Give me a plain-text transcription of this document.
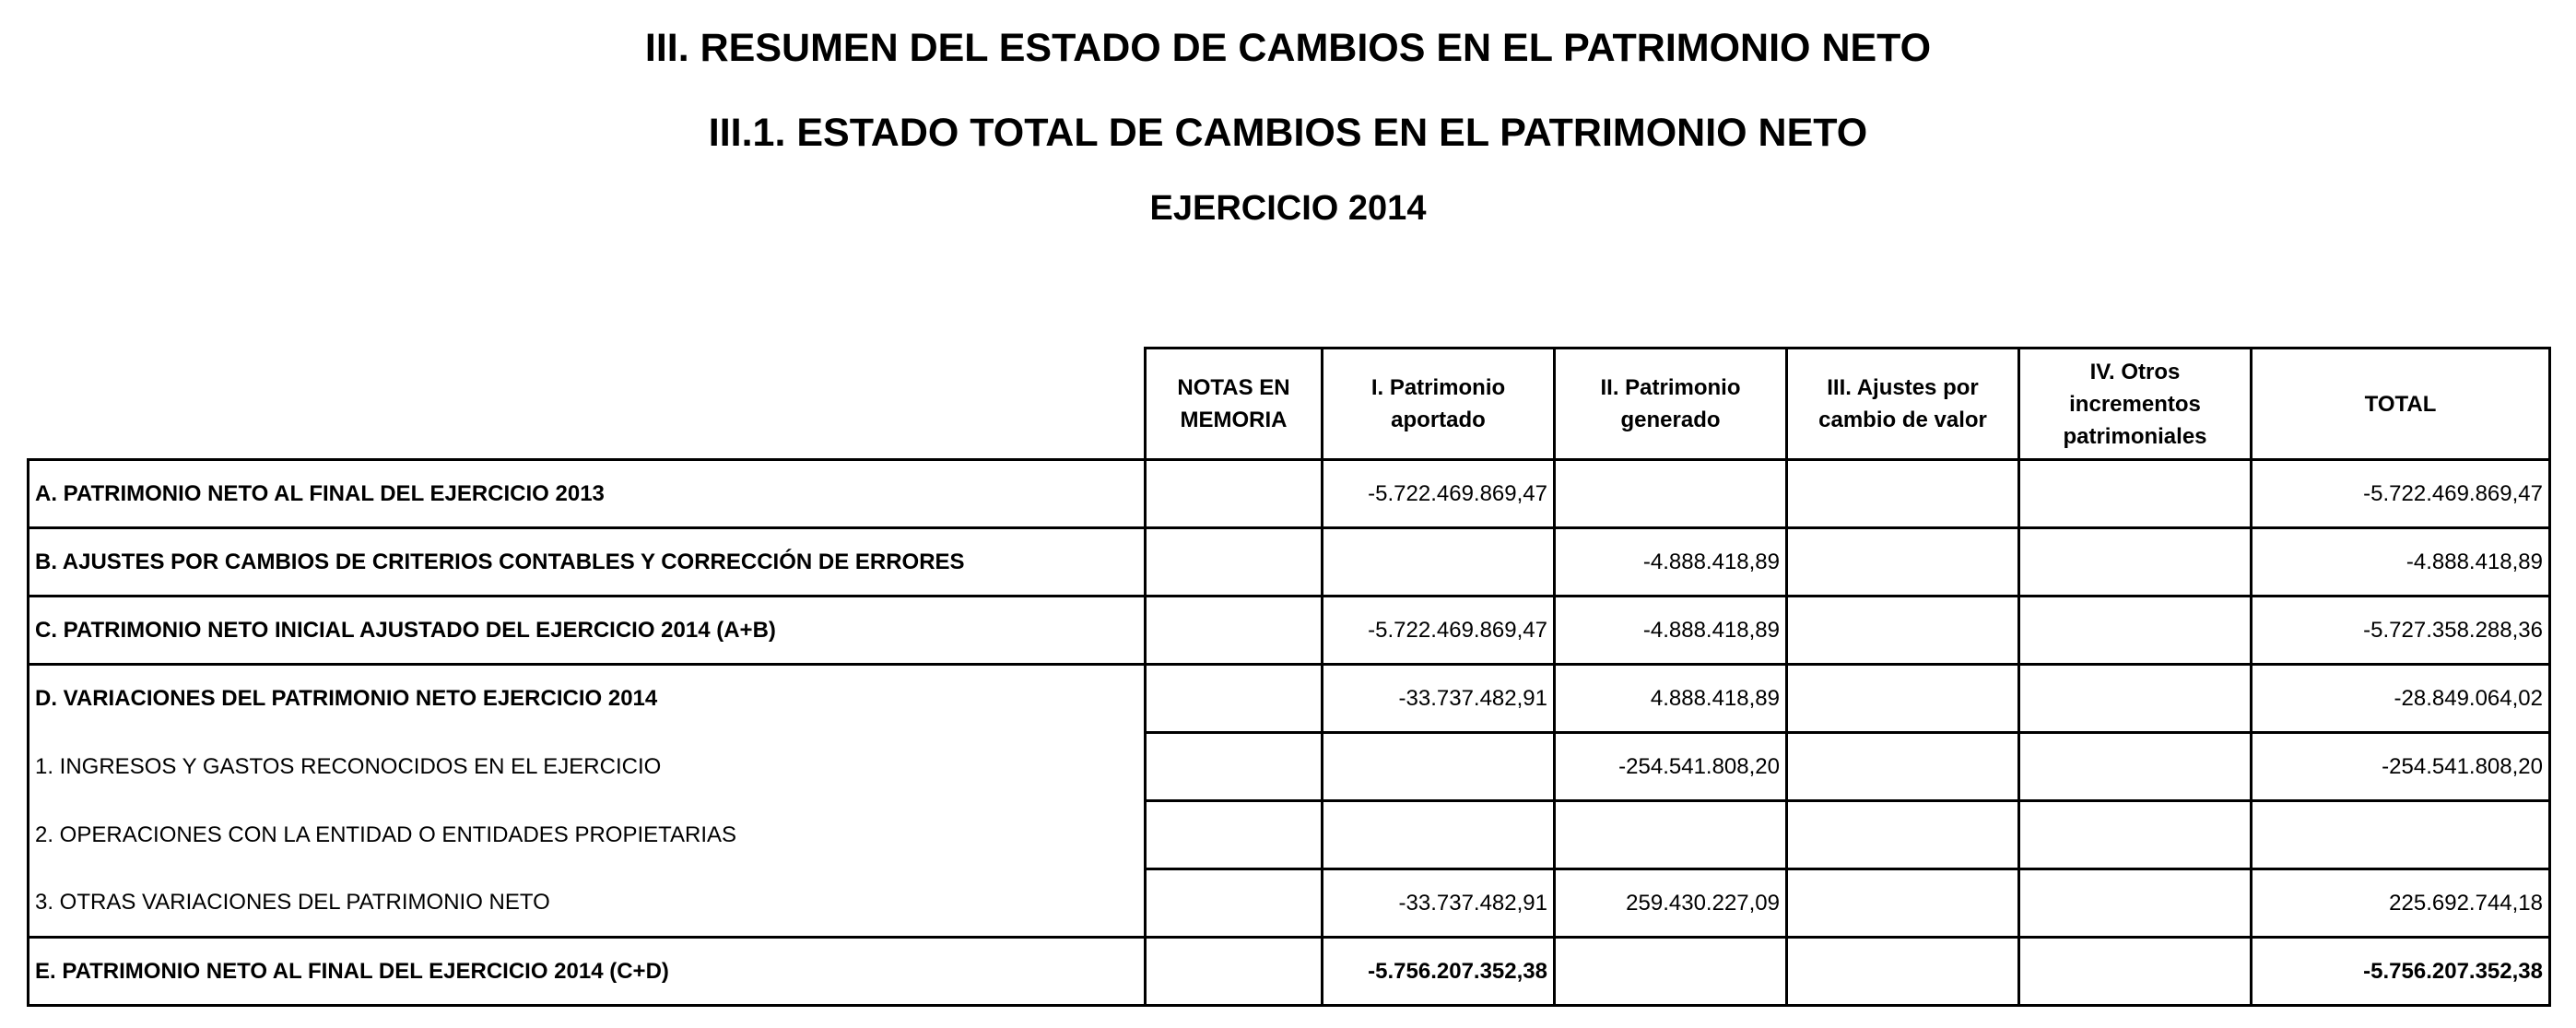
III. RESUMEN DEL ESTADO DE CAMBIOS EN EL PATRIMONIO NETO
III.1. ESTADO TOTAL DE CAMBIOS EN EL PATRIMONIO NETO
EJERCICIO 2014
	NOTAS EN MEMORIA	I. Patrimonio aportado	II. Patrimonio generado	III. Ajustes por cambio de valor	IV. Otros incrementos patrimoniales	TOTAL
A. PATRIMONIO NETO AL FINAL DEL EJERCICIO 2013		-5.722.469.869,47				-5.722.469.869,47
B. AJUSTES POR CAMBIOS DE CRITERIOS CONTABLES Y CORRECCIÓN DE ERRORES			-4.888.418,89			-4.888.418,89
C. PATRIMONIO NETO INICIAL AJUSTADO DEL EJERCICIO 2014 (A+B)		-5.722.469.869,47	-4.888.418,89			-5.727.358.288,36
D. VARIACIONES DEL PATRIMONIO NETO EJERCICIO 2014		-33.737.482,91	4.888.418,89			-28.849.064,02
1. INGRESOS Y GASTOS RECONOCIDOS EN EL EJERCICIO			-254.541.808,20			-254.541.808,20
2. OPERACIONES CON LA ENTIDAD O ENTIDADES PROPIETARIAS						
3. OTRAS VARIACIONES DEL PATRIMONIO NETO		-33.737.482,91	259.430.227,09			225.692.744,18
E. PATRIMONIO NETO AL FINAL DEL EJERCICIO 2014 (C+D)		-5.756.207.352,38				-5.756.207.352,38
